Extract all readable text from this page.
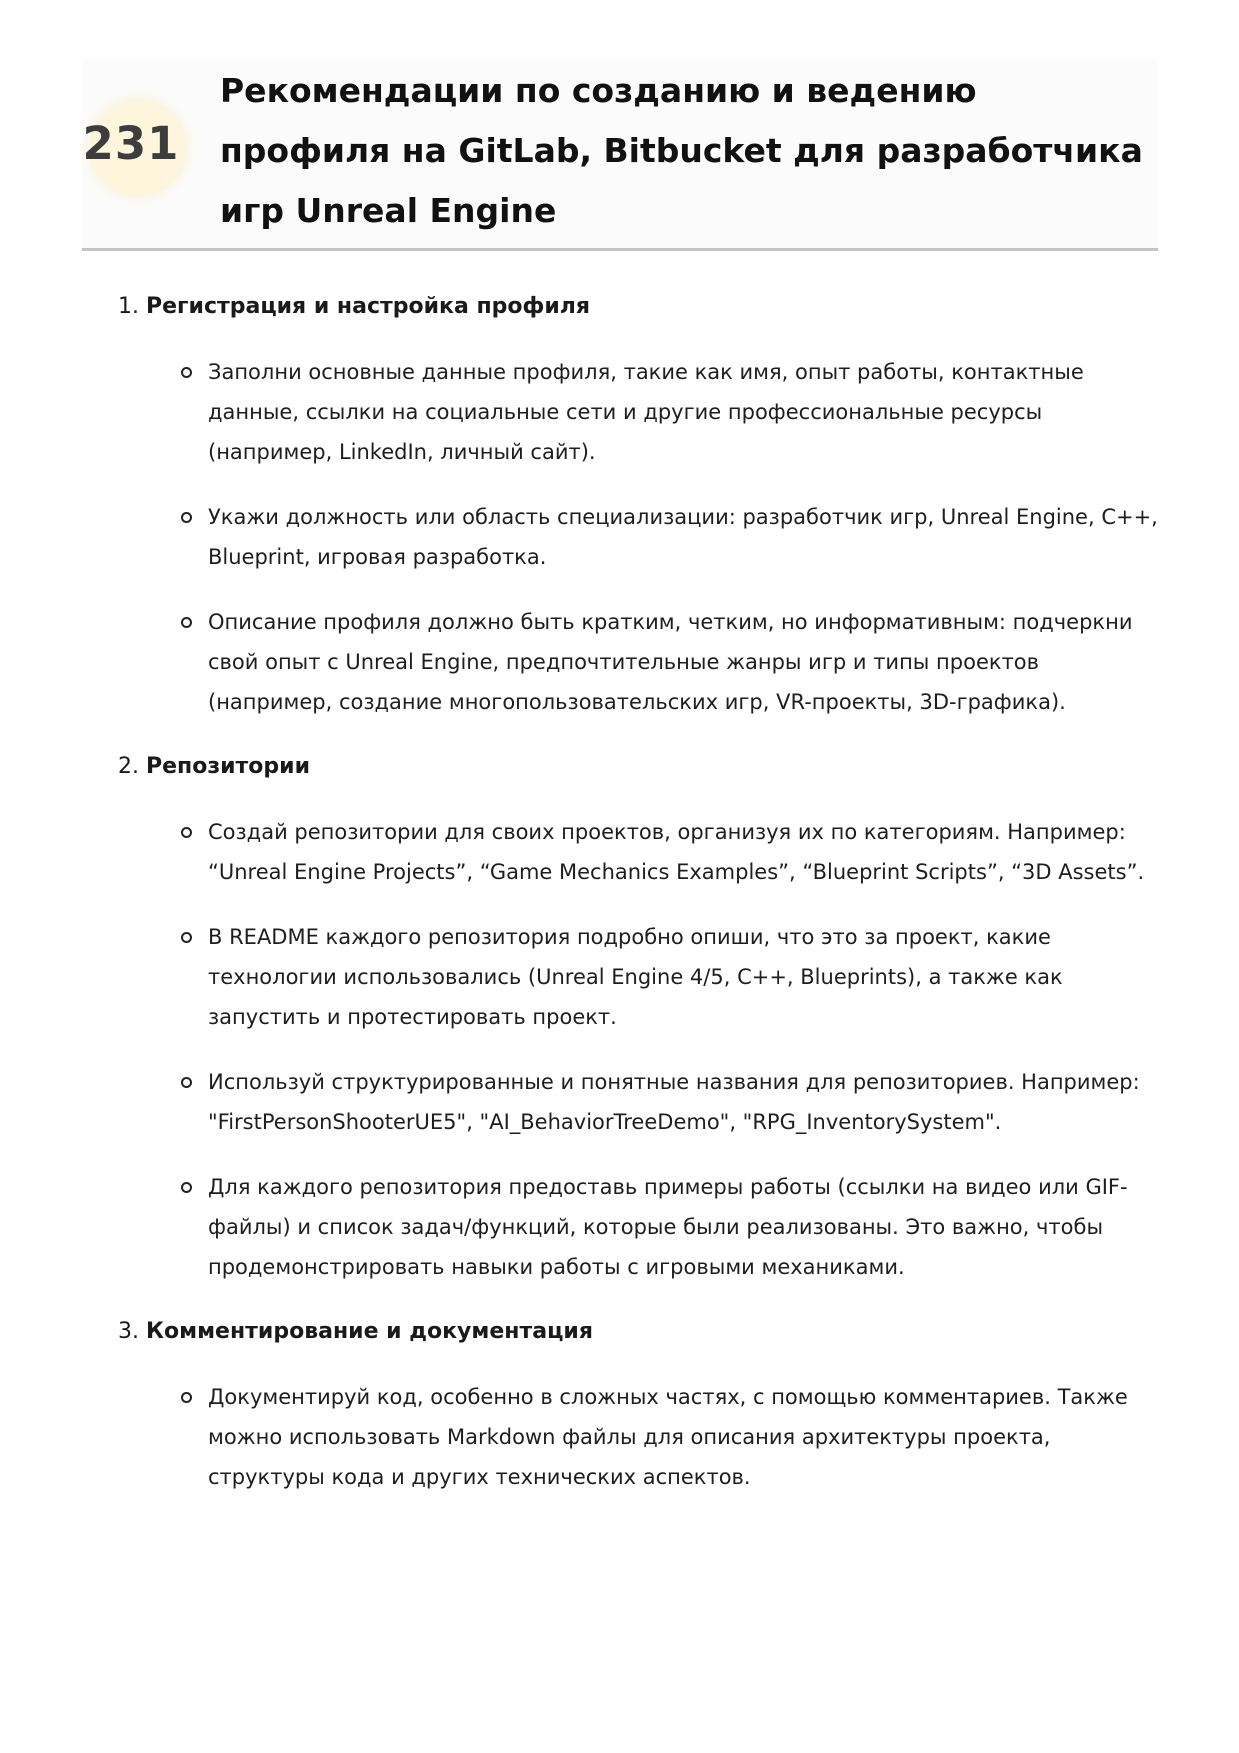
231
Рекомендации по созданию и ведению профиля на GitLab, Bitbucket для разработчика игр Unreal Engine
1. Регистрация и настройка профиля
Заполни основные данные профиля, такие как имя, опыт работы, контактные данные, ссылки на социальные сети и другие профессиональные ресурсы (например, LinkedIn, личный сайт).
Укажи должность или область специализации: разработчик игр, Unreal Engine, C++, Blueprint, игровая разработка.
Описание профиля должно быть кратким, четким, но информативным: подчеркни свой опыт с Unreal Engine, предпочтительные жанры игр и типы проектов (например, создание многопользовательских игр, VR-проекты, 3D-графика).
2. Репозитории
Создай репозитории для своих проектов, организуя их по категориям. Например: “Unreal Engine Projects”, “Game Mechanics Examples”, “Blueprint Scripts”, “3D Assets”.
В README каждого репозитория подробно опиши, что это за проект, какие технологии использовались (Unreal Engine 4/5, C++, Blueprints), а также как запустить и протестировать проект.
Используй структурированные и понятные названия для репозиториев. Например: "FirstPersonShooterUE5", "AI_BehaviorTreeDemo", "RPG_InventorySystem".
Для каждого репозитория предоставь примеры работы (ссылки на видео или GIF-файлы) и список задач/функций, которые были реализованы. Это важно, чтобы продемонстрировать навыки работы с игровыми механиками.
3. Комментирование и документация
Документируй код, особенно в сложных частях, с помощью комментариев. Также можно использовать Markdown файлы для описания архитектуры проекта, структуры кода и других технических аспектов.
